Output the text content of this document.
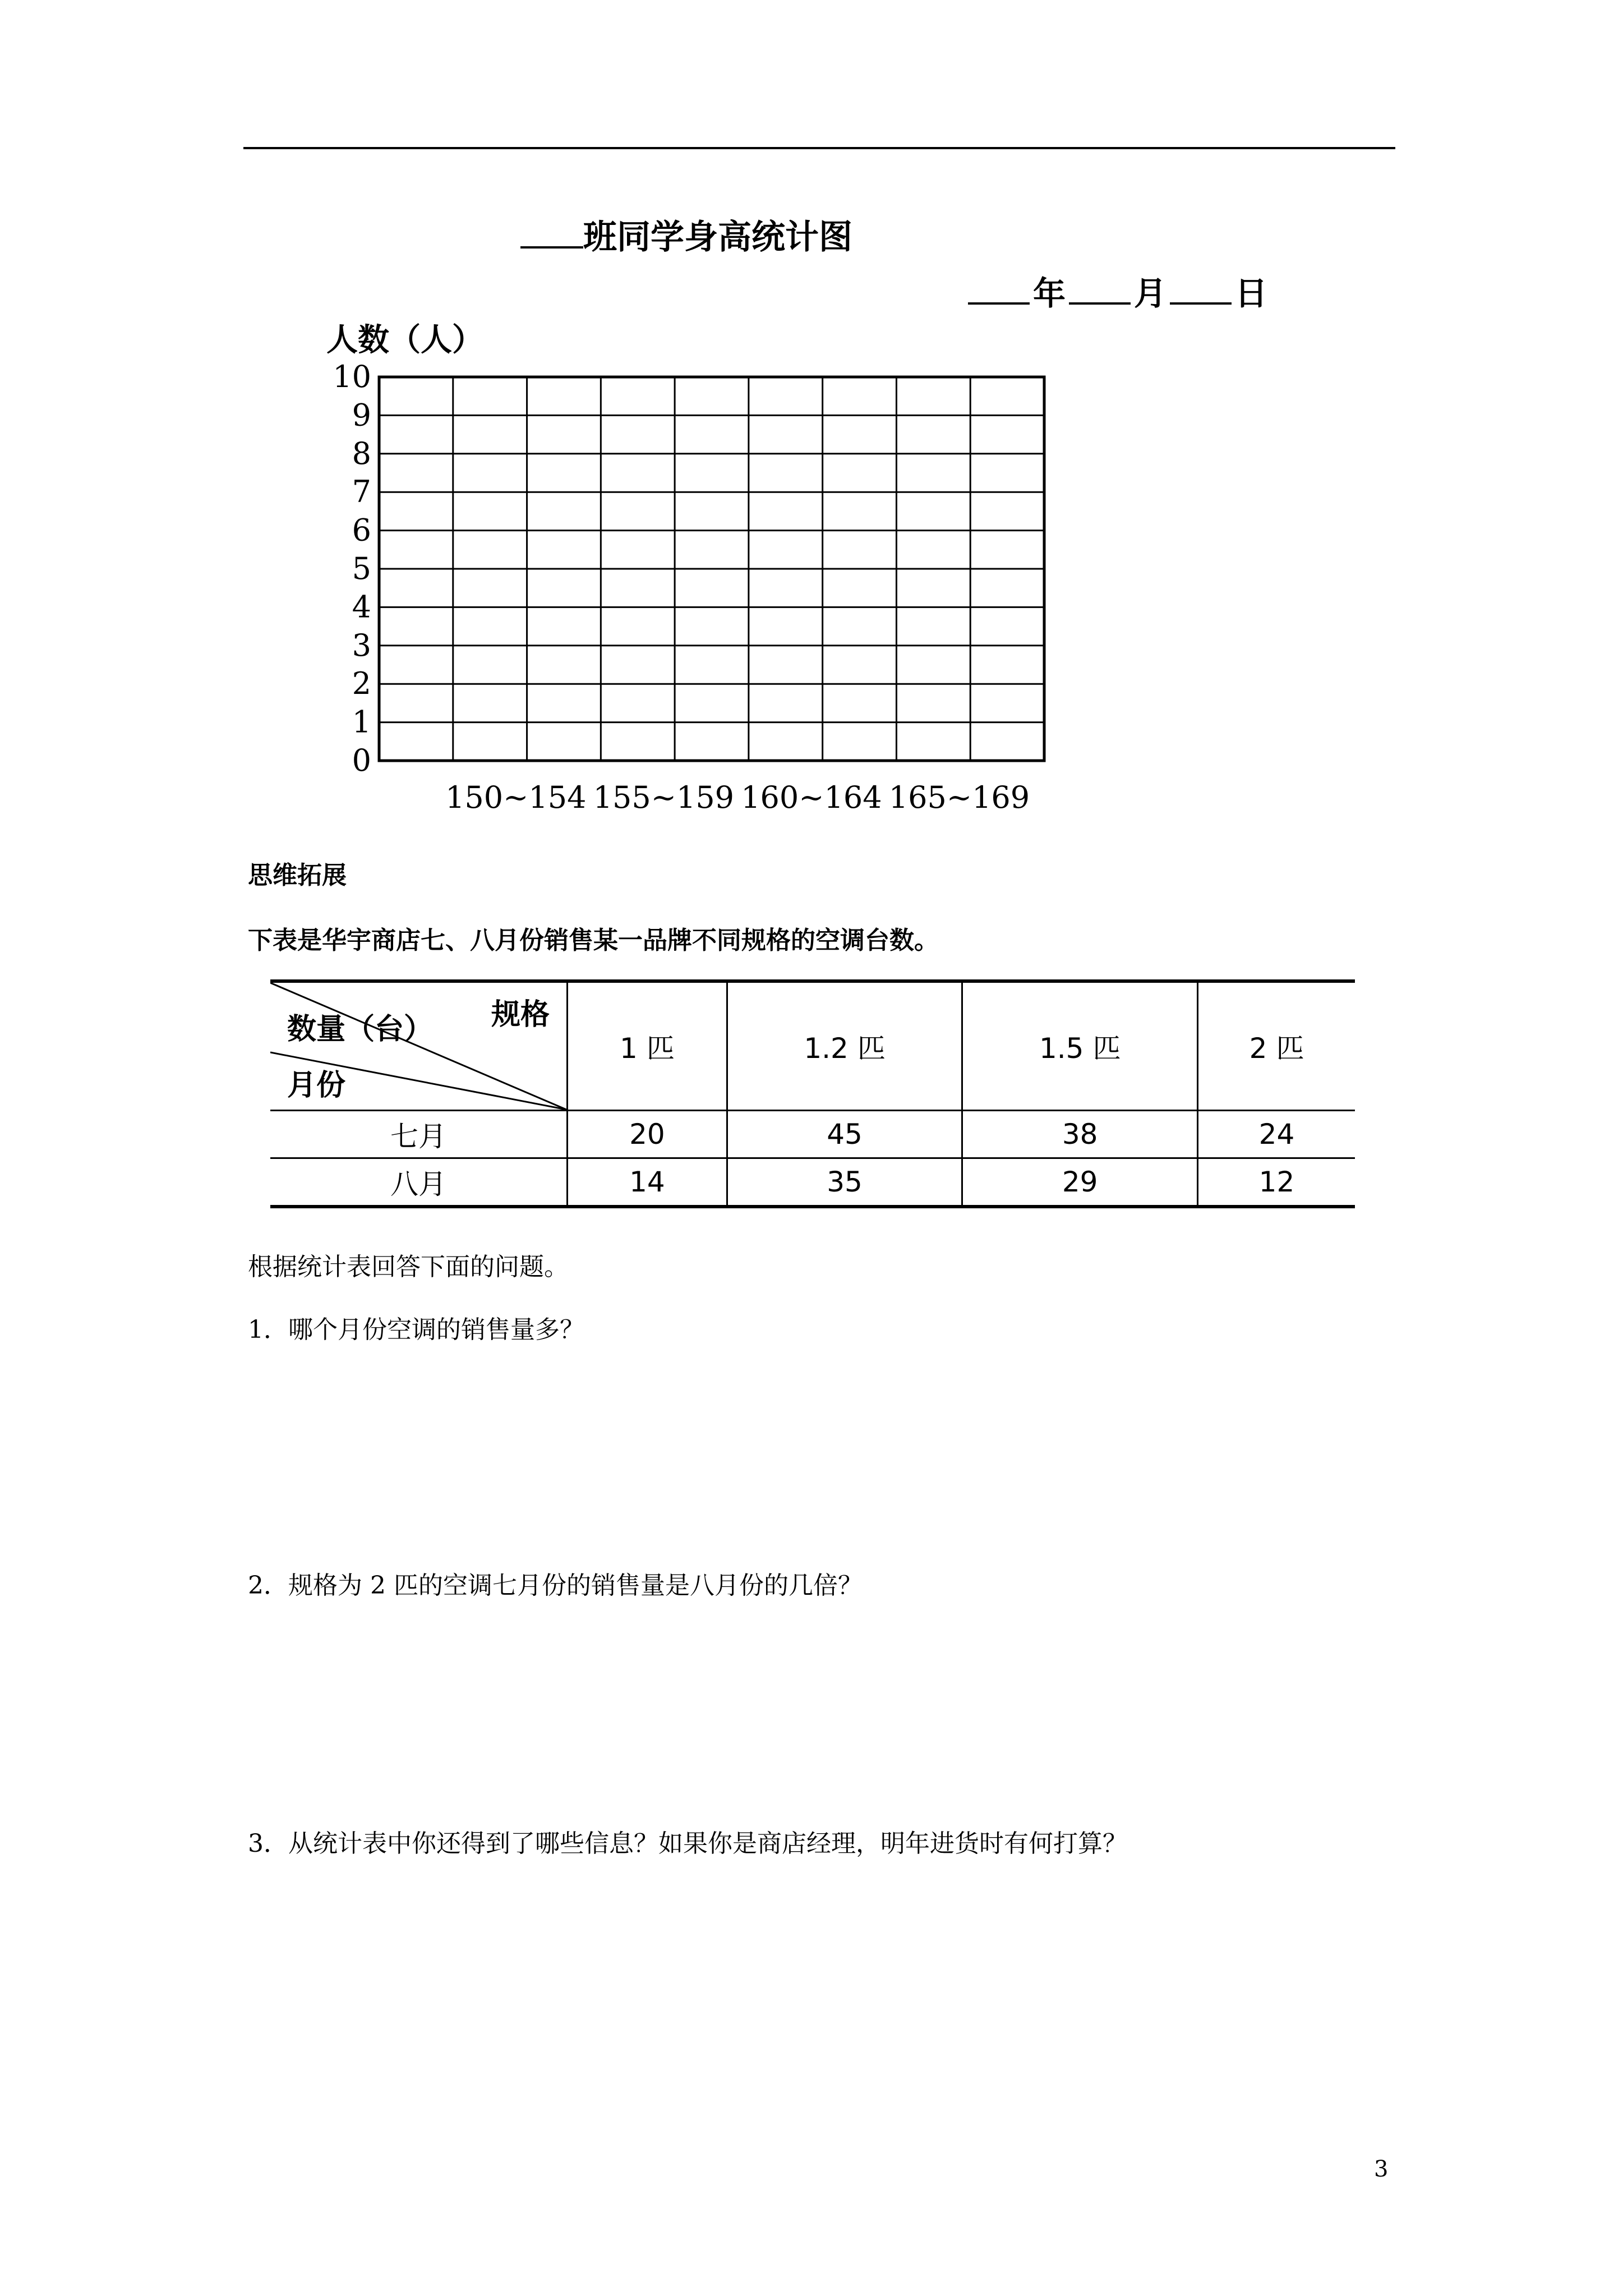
班同学身高统计图
年 月 日
人数（人）
0
1
2
3
4
5
6
7
8
9
10
150~154 155~159 160~164 165~169
思维拓展
下表是华宇商店七、八月份销售某一品牌不同规格的空调台数。
规格
数量（台）
月份	1 匹	1.2 匹	1.5 匹	2 匹
七月	20	45	38	24
八月	14	35	29	12
根据统计表回答下面的问题。
1．哪个月份空调的销售量多？
2．规格为 2 匹的空调七月份的销售量是八月份的几倍？
3．从统计表中你还得到了哪些信息？如果你是商店经理，明年进货时有何打算？
3
